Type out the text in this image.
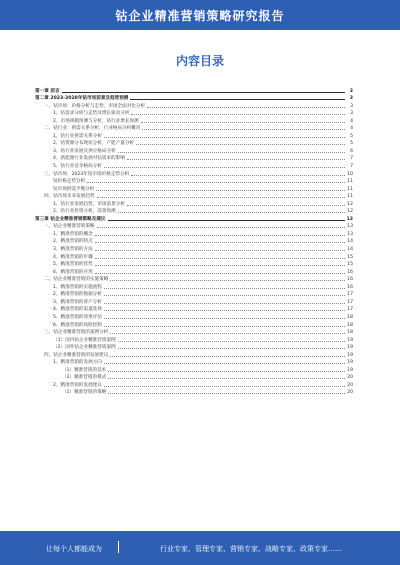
钴企业精准营销策略研究报告
内容目录
第一章 前言	3
第二章 2023-2028年钴市场前景及趋势预测	3
一、钴市场：价格分析与走势，市场全面对比分析	3
1、钴需求分析与走势及增长驱动分析	3
2、市场规模预测与分析，钴行业增长预测	4
二、钴行业：供需关系分析，行业格局分析概况	4
1、钴行业供需关系分析	5
2、钴资源分布现状分析，产能产量分析	5
3、钴行业发展及供应格局分析	6
4、新能源行业发展对钴需求的影响	7
5、钴行业竞争格局分析	7
三、钴市场：2023年钴市场价格走势分析	10
钴价格走势分析	11
钴市场供需平衡分析	11
四、钴市场未来发展趋势	11
1、钴行业发展趋势，市场前景分析	12
2、钴行业投资分析，前景预测	12
第三章 钴企业精准营销策略及建议	13
一、钴企业精准营销策略	13
1、精准营销的概念	13
2、精准营销的特点	14
3、精准营销的方法	14
4、精准营销的步骤	15
5、精准营销的优势	15
6、精准营销的应用	16
二、钴企业精准营销的实施策略	16
1、精准营销的实施流程	16
2、精准营销的数据分析	17
3、精准营销的客户分析	17
4、精准营销的渠道选择	17
5、精准营销的效果评估	18
6、精准营销的风险控制	18
三、钴企业精准营销的案例分析	18
（1）国内钴企业精准营销案例	19
（2）国外钴企业精准营销案例	19
四、钴企业精准营销的发展建议	19
1、精准营销的发展方向	19
（1）精准营销的技术	19
（2）精准营销的模式	20
2、精准营销的发展建议	20
（1）精准营销的策略	20
让每个人都能成为	行业专家、管理专家、营销专家、战略专家、政策专家……
